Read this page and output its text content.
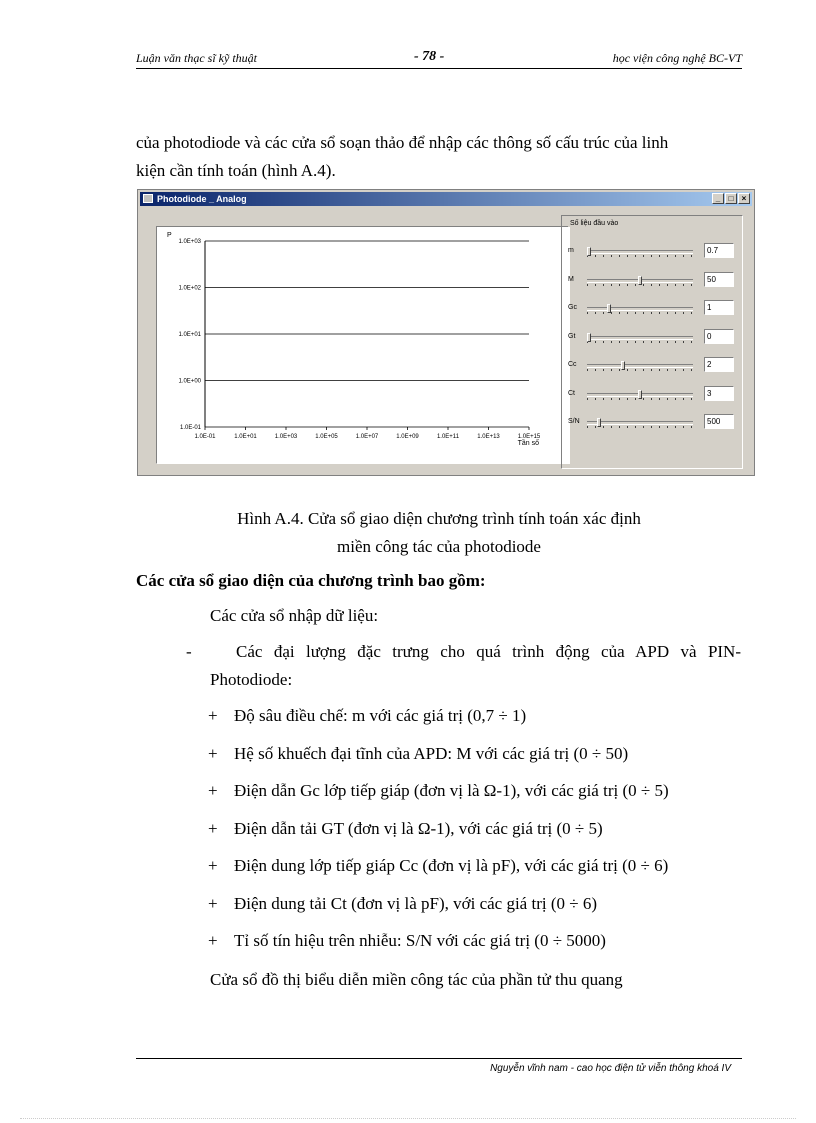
Luận văn thạc sĩ kỹ thuật	- 78 -	học viện công nghệ BC-VT
của photodiode và các cửa sổ soạn thảo để nhập các thông số cấu trúc của linh
kiện cần tính toán (hình A.4).
Photodiode _ Analog	_	□	×
P
1.0E+03
1.0E+02
1.0E+01
1.0E+00
1.0E-01
1.0E-01	1.0E+01	1.0E+03	1.0E+05	1.0E+07	1.0E+09	1.0E+11	1.0E+13	1.0E+15
Tần số
Số liệu đầu vào
m	0.7
M	50
Gc	1
Gt	0
Cc	2
Ct	3
S/N	500
Hình A.4. Cửa sổ giao diện chương trình tính toán xác định
miền công tác của photodiode
Các cửa sổ giao diện của chương trình bao gồm:
Các cửa sổ nhập dữ liệu:
-	Các đại lượng đặc trưng cho quá trình động của APD và PIN-
Photodiode:
+ Độ sâu điều chế: m với các giá trị (0,7 ÷ 1)
+ Hệ số khuếch đại tĩnh của APD: M với các giá trị (0 ÷ 50)
+ Điện dẫn Gc lớp tiếp giáp (đơn vị là Ω-1), với các giá trị (0 ÷ 5)
+ Điện dẫn tải GT (đơn vị là Ω-1), với các giá trị (0 ÷ 5)
+ Điện dung lớp tiếp giáp Cc (đơn vị là pF), với các giá trị (0 ÷ 6)
+ Điện dung tải Ct (đơn vị là pF), với các giá trị (0 ÷ 6)
+ Tỉ số tín hiệu trên nhiễu: S/N với các giá trị (0 ÷ 5000)
Cửa sổ đồ thị biểu diễn miền công tác của phần tử thu quang
Nguyễn vĩnh nam - cao học điện tử viễn thông khoá IV
